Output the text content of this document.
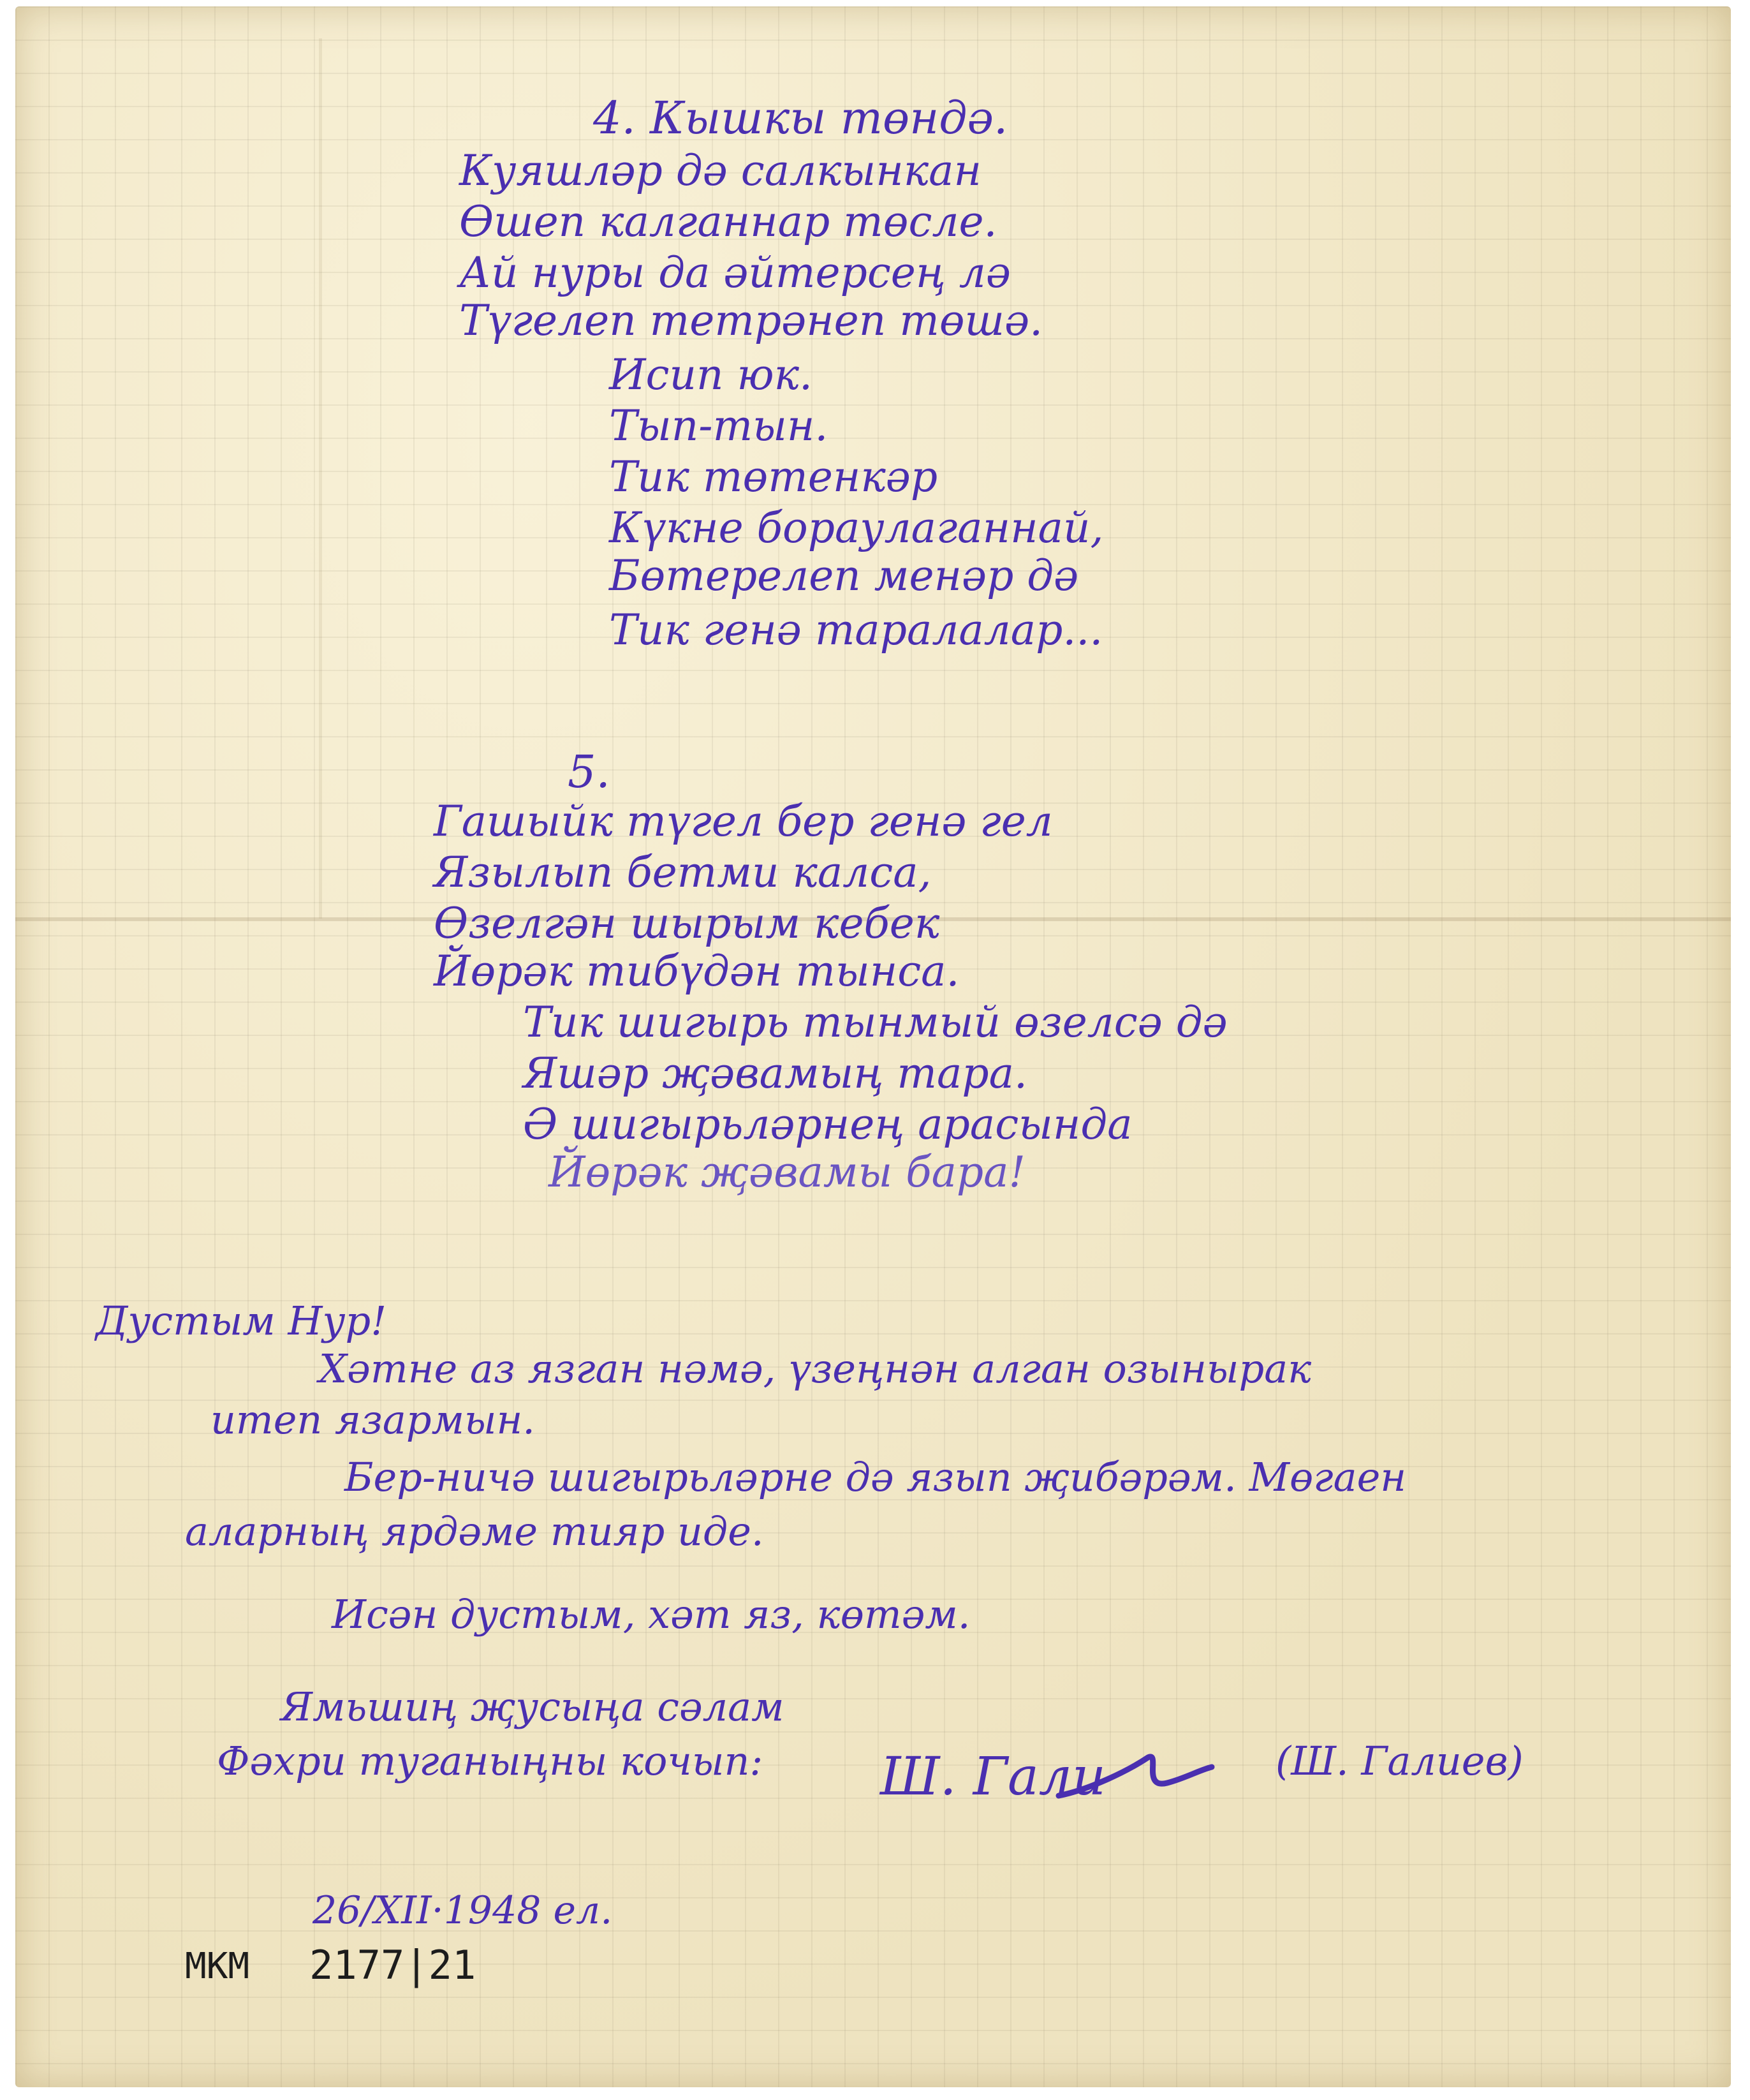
4. Кышкы төндә.
Куяшләр дә салкынкан
Өшеп калганнар төсле.
Ай нуры да әйтерсең лә
Түгелеп тетрәнеп төшә.
Исип юк.
Тып-тын.
Тик төтенкәр
Күкне бораулаганнай,
Бөтерелеп менәр дә
Тик генә таралалар...
5.
Гашыйк түгел бер генә гел
Язылып бетми калса,
Өзелгән шырым кебек
Йөрәк тибүдән тынса.
Тик шигырь тынмый өзелсә дә
Яшәр җәвамың тара.
Ә шигырьләрнең арасында
Йөрәк җәвамы бара!
Дустым Нур!
Хәтне аз язган нәмә, үзеңнән алган озынырак
итеп язармын.
Бер-ничә шигырьләрне дә язып җибәрәм. Мөгаен
аларның ярдәме тияр иде.
Исән дустым, хәт яз, көтәм.
Ямьшиң җусыңа сәлам
Фәхри туганыңны кочып: Ш. Гали	(Ш. Галиев)
26/XII·1948 ел.
МКМ 2177|21
